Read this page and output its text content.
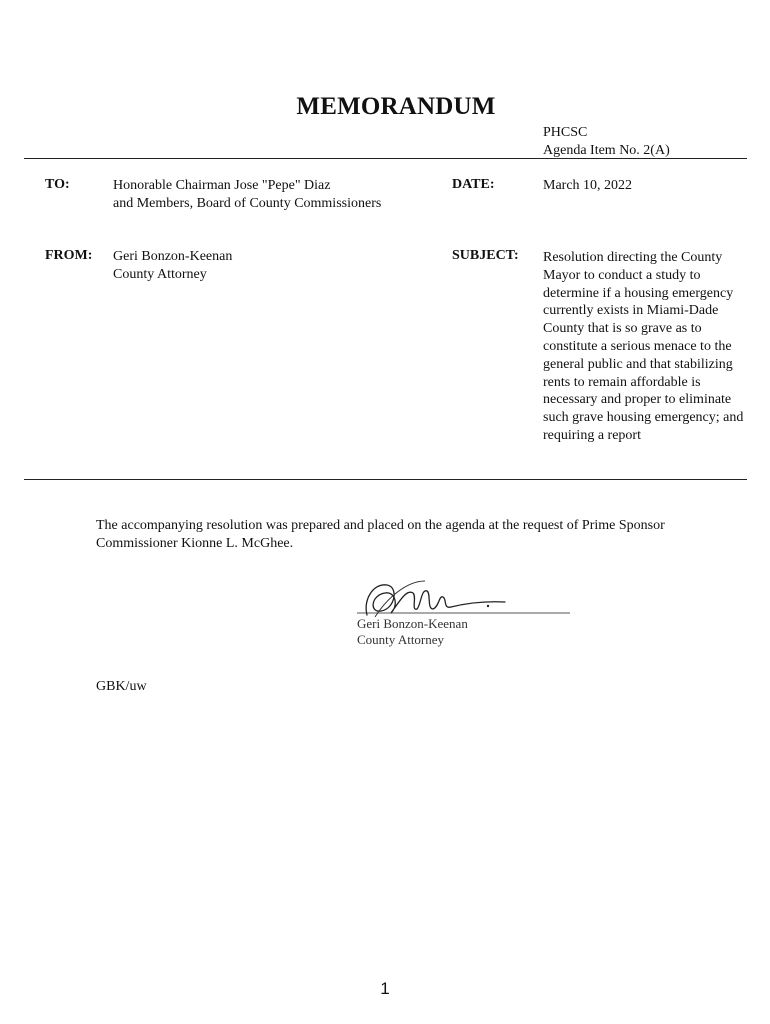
MEMORANDUM
PHCSC
Agenda Item No. 2(A)
TO:	Honorable Chairman Jose "Pepe" Diaz
and Members, Board of County Commissioners
DATE:	March 10, 2022
FROM: Geri Bonzon-Keenan
County Attorney
SUBJECT: Resolution directing the County Mayor to conduct a study to determine if a housing emergency currently exists in Miami-Dade County that is so grave as to constitute a serious menace to the general public and that stabilizing rents to remain affordable is necessary and proper to eliminate such grave housing emergency; and requiring a report
The accompanying resolution was prepared and placed on the agenda at the request of Prime Sponsor Commissioner Kionne L. McGhee.
Geri Bonzon-Keenan
County Attorney
GBK/uw
1
